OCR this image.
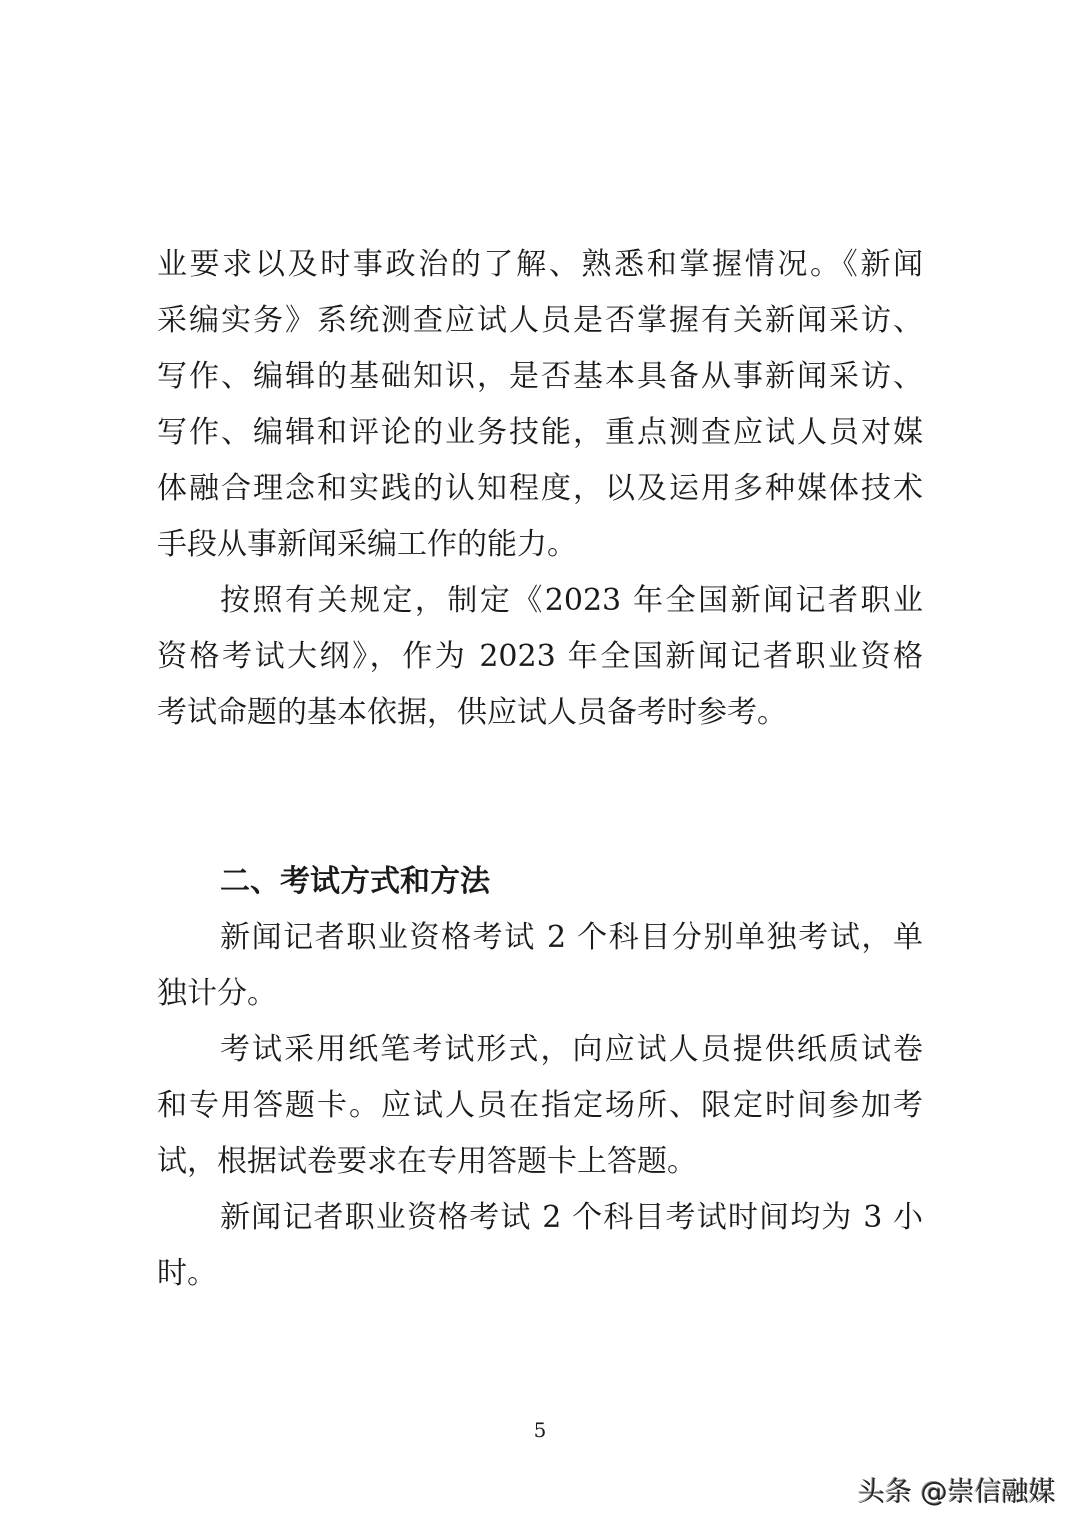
业要求以及时事政治的了解、熟悉和掌握情况。《新闻
采编实务》系统测查应试人员是否掌握有关新闻采访、
写作、编辑的基础知识，是否基本具备从事新闻采访、
写作、编辑和评论的业务技能，重点测查应试人员对媒
体融合理念和实践的认知程度，以及运用多种媒体技术
手段从事新闻采编工作的能力。
按照有关规定，制定《2023 年全国新闻记者职业
资格考试大纲》，作为 2023 年全国新闻记者职业资格
考试命题的基本依据，供应试人员备考时参考。
二、考试方式和方法
新闻记者职业资格考试 2 个科目分别单独考试，单
独计分。
考试采用纸笔考试形式，向应试人员提供纸质试卷
和专用答题卡。应试人员在指定场所、限定时间参加考
试，根据试卷要求在专用答题卡上答题。
新闻记者职业资格考试 2 个科目考试时间均为 3 小
时。
5
头条 @崇信融媒
